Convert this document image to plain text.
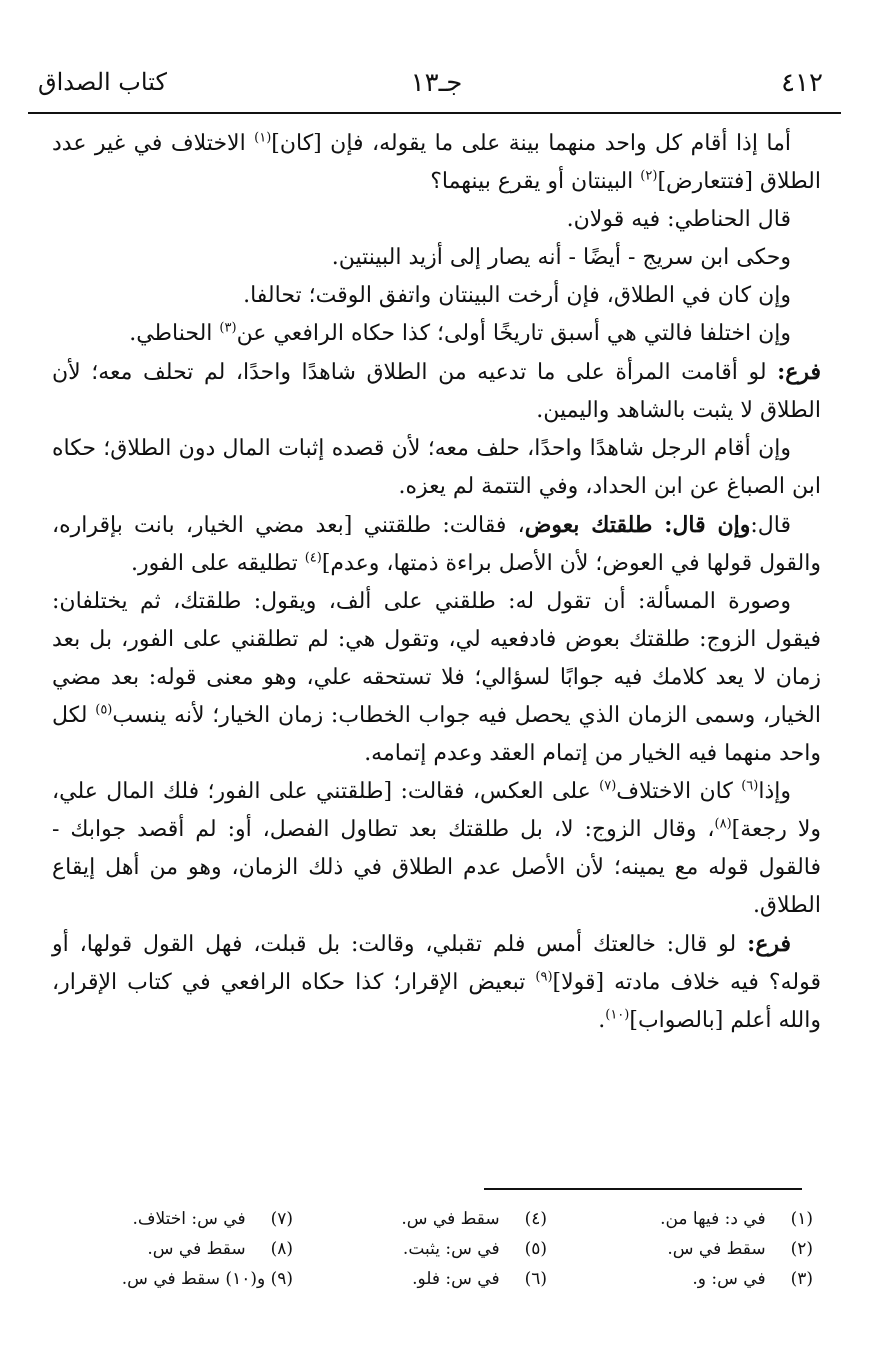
٤١٢
جـ١٣
كتاب الصداق

أما إذا أقام كل واحد منهما بينة على ما يقوله، فإن [كان]$^{(١)}$ الاختلاف في غير عدد الطلاق [فتتعارض]$^{(٢)}$ البينتان أو يقرع بينهما؟

قال الحناطي: فيه قولان.

وحكى ابن سريج - أيضًا - أنه يصار إلى أزيد البينتين.

وإن كان في الطلاق، فإن أرخت البينتان واتفق الوقت؛ تحالفا.

وإن اختلفا فالتي هي أسبق تاريخًا أولى؛ كذا حكاه الرافعي عن$^{(٣)}$ الحناطي.

فرع: لو أقامت المرأة على ما تدعيه من الطلاق شاهدًا واحدًا، لم تحلف معه؛ لأن الطلاق لا يثبت بالشاهد واليمين.

وإن أقام الرجل شاهدًا واحدًا، حلف معه؛ لأن قصده إثبات المال دون الطلاق؛ حكاه ابن الصباغ عن ابن الحداد، وفي التتمة لم يعزه.

قال:وإن قال: طلقتك بعوض، فقالت: طلقتني [بعد مضي الخيار، بانت بإقراره، والقول قولها في العوض؛ لأن الأصل براءة ذمتها، وعدم]$^{(٤)}$ تطليقه على الفور.

وصورة المسألة: أن تقول له: طلقني على ألف، ويقول: طلقتك، ثم يختلفان: فيقول الزوج: طلقتك بعوض فادفعيه لي، وتقول هي: لم تطلقني على الفور، بل بعد زمان لا يعد كلامك فيه جوابًا لسؤالي؛ فلا تستحقه علي، وهو معنى قوله: بعد مضي الخيار، وسمى الزمان الذي يحصل فيه جواب الخطاب: زمان الخيار؛ لأنه ينسب$^{(٥)}$ لكل واحد منهما فيه الخيار من إتمام العقد وعدم إتمامه.

وإذا$^{(٦)}$ كان الاختلاف$^{(٧)}$ على العكس، فقالت: [طلقتني على الفور؛ فلك المال علي، ولا رجعة]$^{(٨)}$، وقال الزوج: لا، بل طلقتك بعد تطاول الفصل، أو: لم أقصد جوابك - فالقول قوله مع يمينه؛ لأن الأصل عدم الطلاق في ذلك الزمان، وهو من أهل إيقاع الطلاق.

فرع: لو قال: خالعتك أمس فلم تقبلي، وقالت: بل قبلت، فهل القول قولها، أو قوله؟ فيه خلاف مادته [قولا]$^{(٩)}$ تبعيض الإقرار؛ كذا حكاه الرافعي في كتاب الإقرار، والله أعلم [بالصواب]$^{(١٠)}$.

(١) في د: فيها من.
(٢) سقط في س.
(٣) في س: و.
(٤) سقط في س.
(٥) في س: يثبت.
(٦) في س: فلو.
(٧) في س: اختلاف.
(٨) سقط في س.
(٩) و(١٠) سقط في س.
